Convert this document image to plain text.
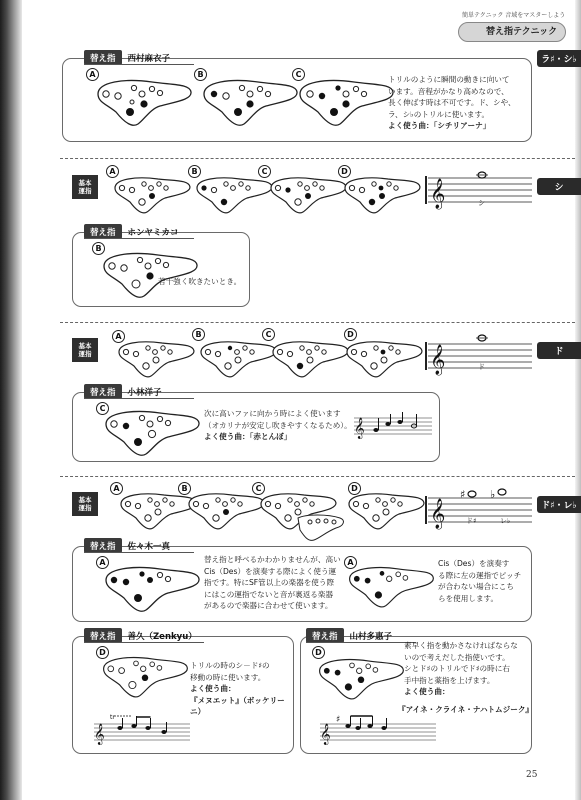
簡単テクニック 音域をマスターしよう
替え指テクニック
ラ♯・シ♭
シ
ド
ド♯・レ♭
替え指	西村麻衣子
A	B	C
トリルのように瞬間の動きに向いて
います。音程がかなり高めなので、
長く伸ばす時は不可です。ド、シや、
ラ、シ♭のトリルに使います。
よく使う曲：「シチリアーナ」
基本
運指
A	B	C	D
𝄞	シ
替え指	ホンヤミカコ
B
若干強く吹きたいとき。
基本
運指
A	B	C	D
𝄞	ド
替え指	小林洋子
C
次に高いファに向かう時によく使います
（オカリナが安定し吹きやすくなるため）。
よく使う曲：「赤とんぼ」	𝄞
基本
運指
A	B	C	D
𝄞
♯ ♭
ド♯	レ♭
替え指	佐々木一真
A	替え指と呼べるかわかりませんが、高い
Cis（Des）を演奏する際によく使う運
指です。特にSF管以上の楽器を使う際
にはこの運指でないと音が裏返る楽器
があるので楽器に合わせて使います。
A	Cis（Des）を演奏す
る際に左の運指でピッチ
が合わない場合にこち
らを使用します。
替え指	善久（Zenkyu）
D
トリルの時のシ－ド♯の
移動の時に使います。
よく使う曲：
『メヌエット』（ボッケリーニ）
𝄞
tr
替え指	山村多惠子
D
素早く指を動かさなければならな
いので考えだした指使いです。
シとド♯のトリルでド♯の時に右
手中指と薬指を上げます。
よく使う曲：
『アイネ・クライネ・ナハトムジーク』
𝄞
♯
25
